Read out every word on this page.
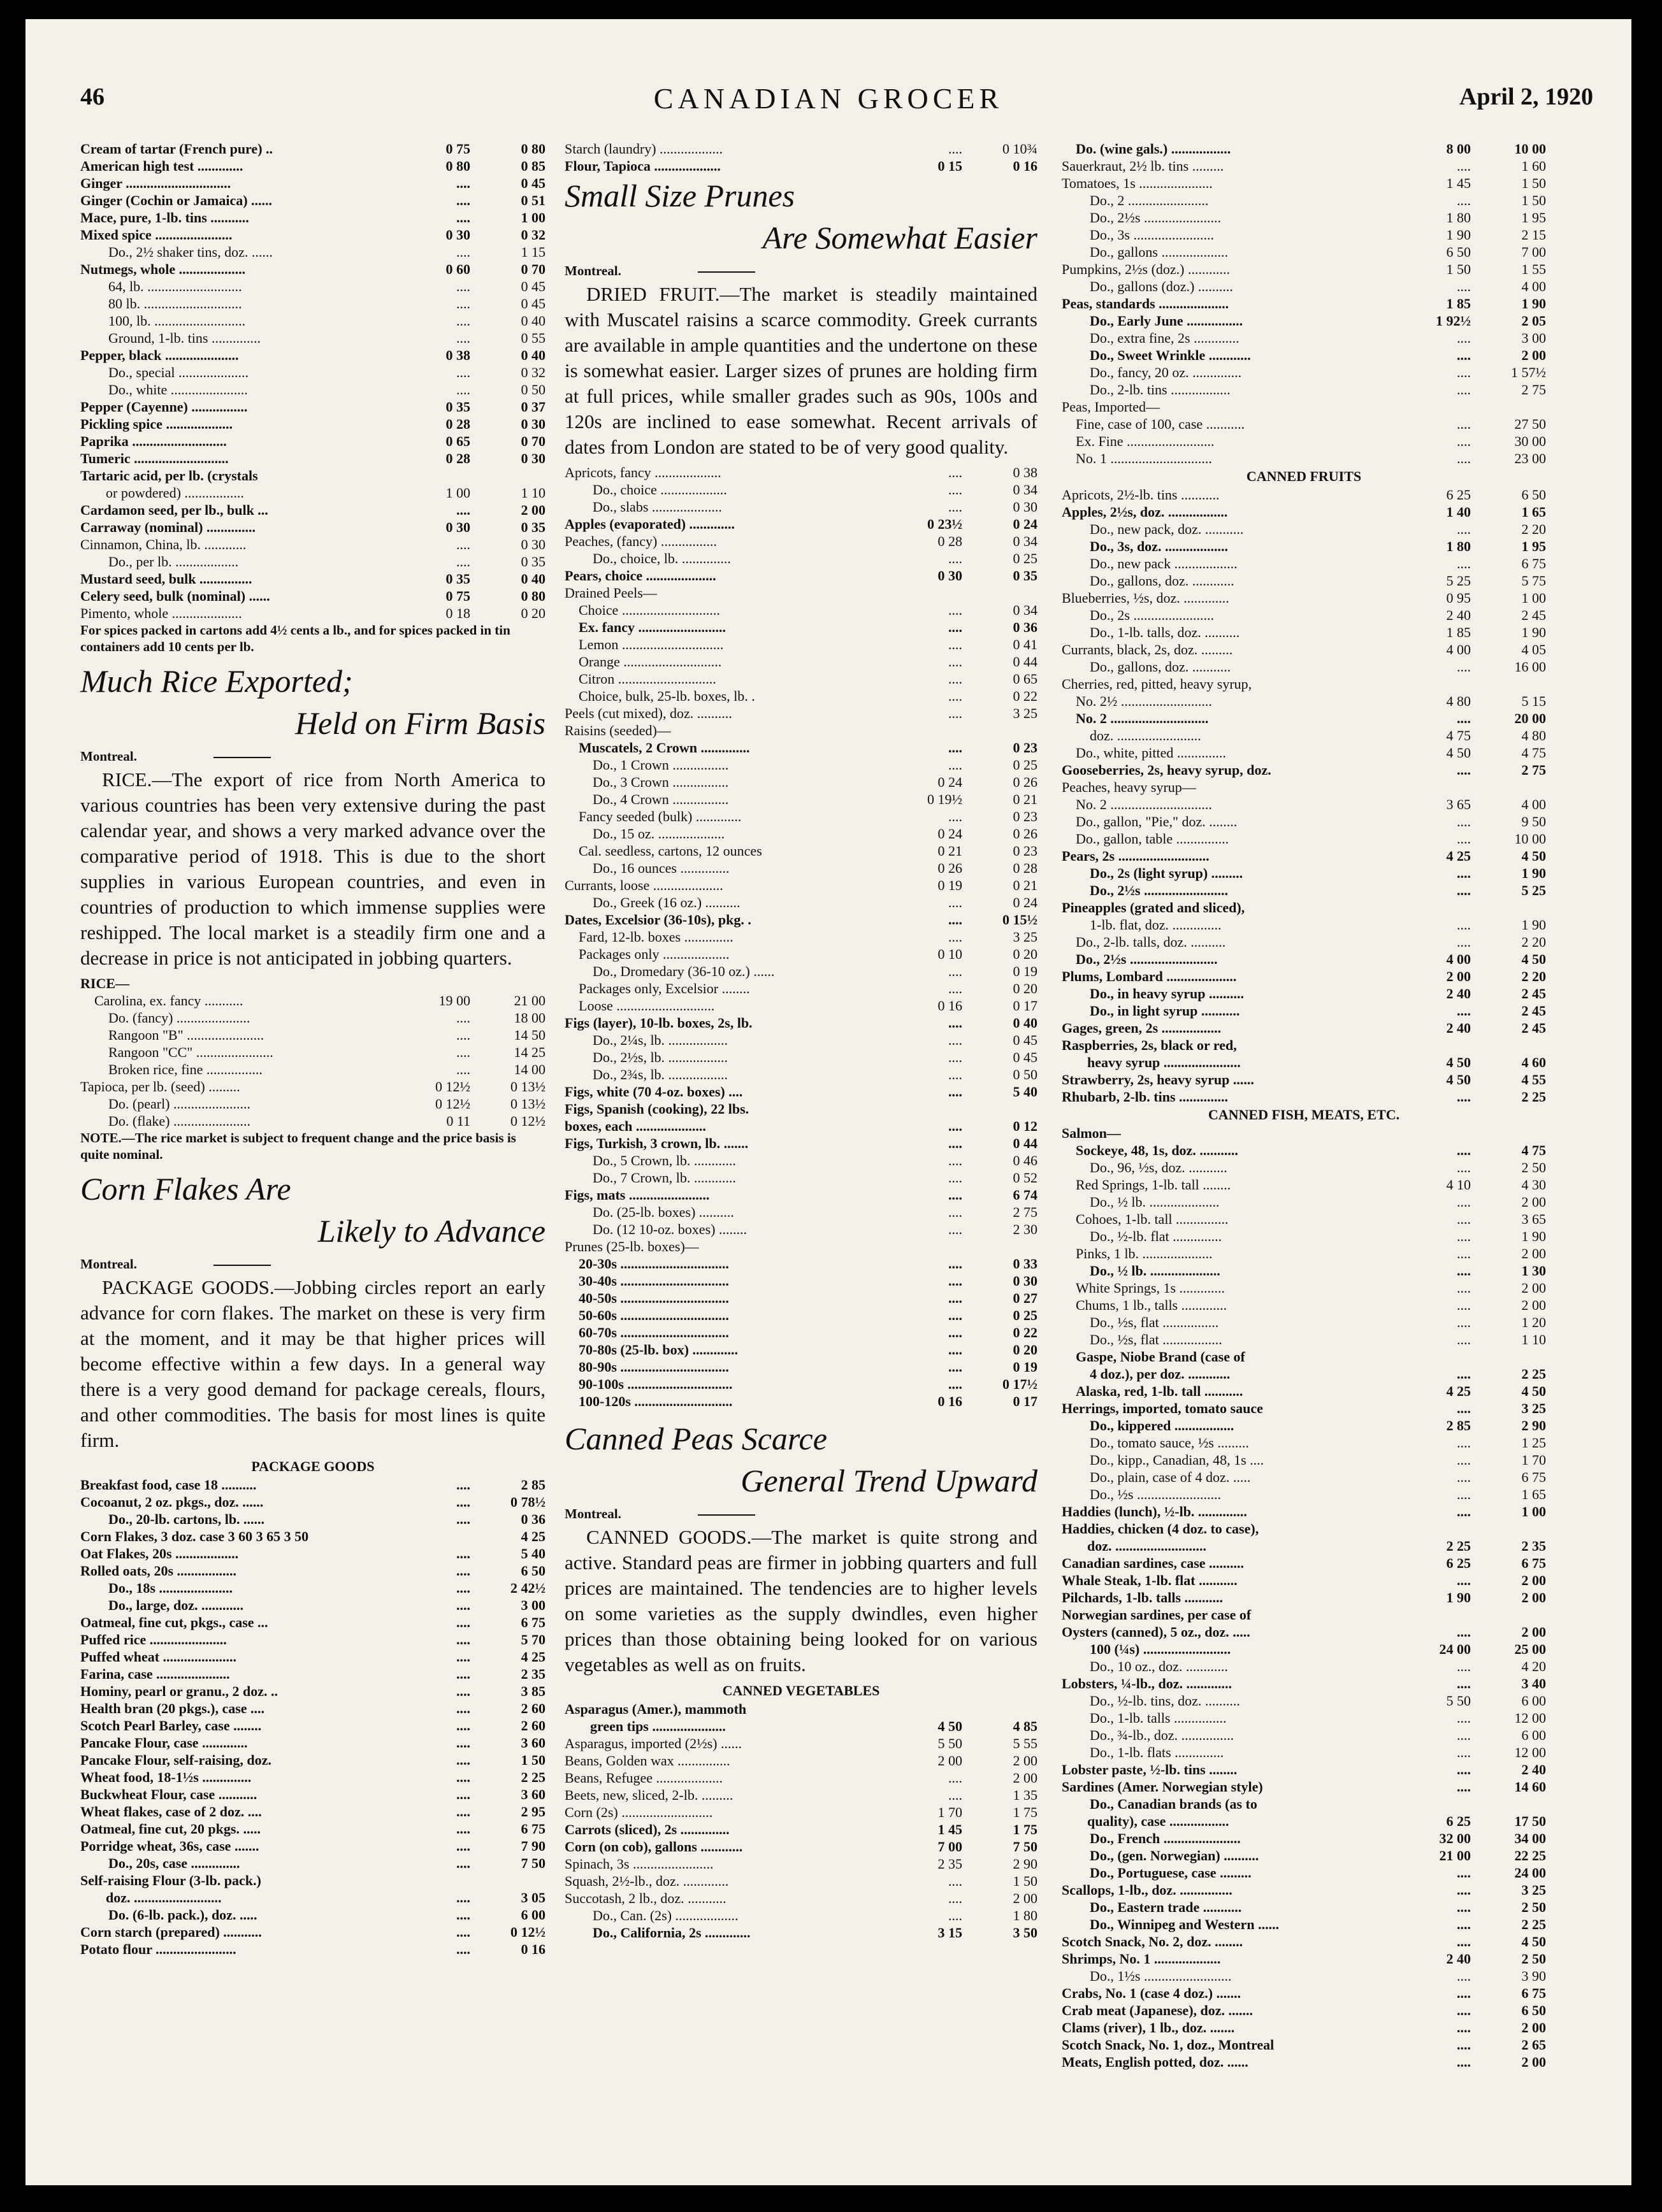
46	CANADIAN GROCER	April 2, 1920
Cream of tartar (French pure) ..	0 75	0 80
American high test .............	0 80	0 85
Ginger ..............................	....	0 45
Ginger (Cochin or Jamaica) ......	....	0 51
Mace, pure, 1-lb. tins ...........	....	1 00
Mixed spice ......................	0 30	0 32
Do., 2½ shaker tins, doz. ......	....	1 15
Nutmegs, whole ...................	0 60	0 70
64, lb. ...........................	....	0 45
80 lb. ............................	....	0 45
100, lb. ..........................	....	0 40
Ground, 1-lb. tins ..............	....	0 55
Pepper, black .....................	0 38	0 40
Do., special ....................	....	0 32
Do., white ......................	....	0 50
Pepper (Cayenne) ................	0 35	0 37
Pickling spice ...................	0 28	0 30
Paprika ...........................	0 65	0 70
Tumeric ...........................	0 28	0 30
Tartaric acid, per lb. (crystals
or powdered) .................	1 00	1 10
Cardamon seed, per lb., bulk ...	....	2 00
Carraway (nominal) ..............	0 30	0 35
Cinnamon, China, lb. ............	....	0 30
Do., per lb. ..................	....	0 35
Mustard seed, bulk ...............	0 35	0 40
Celery seed, bulk (nominal) ......	0 75	0 80
Pimento, whole ....................	0 18	0 20
For spices packed in cartons add 4½ cents a lb., and for spices packed in tin containers add 10 cents per lb.
Much Rice Exported;
Held on Firm Basis
Montreal.
RICE.—The export of rice from North America to various countries has been very extensive during the past calendar year, and shows a very marked advance over the comparative period of 1918. This is due to the short supplies in various European countries, and even in countries of production to which immense supplies were reshipped. The local market is a steadily firm one and a decrease in price is not anticipated in jobbing quarters.
RICE—
Carolina, ex. fancy ...........	19 00	21 00
Do. (fancy) .....................	....	18 00
Rangoon "B" ......................	....	14 50
Rangoon "CC" ......................	....	14 25
Broken rice, fine ................	....	14 00
Tapioca, per lb. (seed) .........	0 12½	0 13½
Do. (pearl) ......................	0 12½	0 13½
Do. (flake) ......................	0 11	0 12½
NOTE.—The rice market is subject to frequent change and the price basis is quite nominal.
Corn Flakes Are
Likely to Advance
Montreal.
PACKAGE GOODS.—Jobbing circles report an early advance for corn flakes. The market on these is very firm at the moment, and it may be that higher prices will become effective within a few days. In a general way there is a very good demand for package cereals, flours, and other commodities. The basis for most lines is quite firm.
PACKAGE GOODS
Breakfast food, case 18 ..........	....	2 85
Cocoanut, 2 oz. pkgs., doz. ......	....	0 78½
Do., 20-lb. cartons, lb. ......	....	0 36
Corn Flakes, 3 doz. case 3 60 3 65 3 50	4 25
Oat Flakes, 20s ..................	....	5 40
Rolled oats, 20s .................	....	6 50
Do., 18s .....................	....	2 42½
Do., large, doz. ............	....	3 00
Oatmeal, fine cut, pkgs., case ...	....	6 75
Puffed rice ......................	....	5 70
Puffed wheat .....................	....	4 25
Farina, case .....................	....	2 35
Hominy, pearl or granu., 2 doz. ..	....	3 85
Health bran (20 pkgs.), case ....	....	2 60
Scotch Pearl Barley, case ........	....	2 60
Pancake Flour, case .............	....	3 60
Pancake Flour, self-raising, doz.	....	1 50
Wheat food, 18-1½s ..............	....	2 25
Buckwheat Flour, case ...........	....	3 60
Wheat flakes, case of 2 doz. ....	....	2 95
Oatmeal, fine cut, 20 pkgs. .....	....	6 75
Porridge wheat, 36s, case .......	....	7 90
Do., 20s, case ..............	....	7 50
Self-raising Flour (3-lb. pack.)
doz. .........................	....	3 05
Do. (6-lb. pack.), doz. .....	....	6 00
Corn starch (prepared) ...........	....	0 12½
Potato flour .......................	....	0 16
Starch (laundry) ..................	....	0 10¾
Flour, Tapioca ...................	0 15	0 16
Small Size Prunes
Are Somewhat Easier
Montreal.
DRIED FRUIT.—The market is steadily maintained with Muscatel raisins a scarce commodity. Greek currants are available in ample quantities and the undertone on these is somewhat easier. Larger sizes of prunes are holding firm at full prices, while smaller grades such as 90s, 100s and 120s are inclined to ease somewhat. Recent arrivals of dates from London are stated to be of very good quality.
Apricots, fancy ...................	....	0 38
Do., choice ...................	....	0 34
Do., slabs ....................	....	0 30
Apples (evaporated) .............	0 23½	0 24
Peaches, (fancy) ................	0 28	0 34
Do., choice, lb. ..............	....	0 25
Pears, choice ....................	0 30	0 35
Drained Peels—
Choice ............................	....	0 34
Ex. fancy .........................	....	0 36
Lemon .............................	....	0 41
Orange ............................	....	0 44
Citron ............................	....	0 65
Choice, bulk, 25-lb. boxes, lb. .	....	0 22
Peels (cut mixed), doz. ..........	....	3 25
Raisins (seeded)—
Muscatels, 2 Crown ..............	....	0 23
Do., 1 Crown ................	....	0 25
Do., 3 Crown ................	0 24	0 26
Do., 4 Crown ................	0 19½	0 21
Fancy seeded (bulk) .............	....	0 23
Do., 15 oz. ...................	0 24	0 26
Cal. seedless, cartons, 12 ounces	0 21	0 23
Do., 16 ounces ..............	0 26	0 28
Currants, loose ....................	0 19	0 21
Do., Greek (16 oz.) ..........	....	0 24
Dates, Excelsior (36-10s), pkg. .	....	0 15½
Fard, 12-lb. boxes ..............	....	3 25
Packages only ...................	0 10	0 20
Do., Dromedary (36-10 oz.) ......	....	0 19
Packages only, Excelsior ........	....	0 20
Loose ............................	0 16	0 17
Figs (layer), 10-lb. boxes, 2s, lb.	....	0 40
Do., 2¼s, lb. .................	....	0 45
Do., 2½s, lb. .................	....	0 45
Do., 2¾s, lb. .................	....	0 50
Figs, white (70 4-oz. boxes) ....	....	5 40
Figs, Spanish (cooking), 22 lbs.
boxes, each ....................	....	0 12
Figs, Turkish, 3 crown, lb. .......	....	0 44
Do., 5 Crown, lb. ............	....	0 46
Do., 7 Crown, lb. ............	....	0 52
Figs, mats .......................	....	6 74
Do. (25-lb. boxes) ..........	....	2 75
Do. (12 10-oz. boxes) ........	....	2 30
Prunes (25-lb. boxes)—
20-30s ...............................	....	0 33
30-40s ...............................	....	0 30
40-50s ...............................	....	0 27
50-60s ...............................	....	0 25
60-70s ...............................	....	0 22
70-80s (25-lb. box) .............	....	0 20
80-90s ...............................	....	0 19
90-100s ..............................	....	0 17½
100-120s ............................	0 16	0 17
Canned Peas Scarce
General Trend Upward
Montreal.
CANNED GOODS.—The market is quite strong and active. Standard peas are firmer in jobbing quarters and full prices are maintained. The tendencies are to higher levels on some varieties as the supply dwindles, even higher prices than those obtaining being looked for on various vegetables as well as on fruits.
CANNED VEGETABLES
Asparagus (Amer.), mammoth
green tips .....................	4 50	4 85
Asparagus, imported (2½s) ......	5 50	5 55
Beans, Golden wax ...............	2 00	2 00
Beans, Refugee ...................	....	2 00
Beets, new, sliced, 2-lb. .........	....	1 35
Corn (2s) ..........................	1 70	1 75
Carrots (sliced), 2s ..............	1 45	1 75
Corn (on cob), gallons ............	7 00	7 50
Spinach, 3s .......................	2 35	2 90
Squash, 2½-lb., doz. .............	....	1 50
Succotash, 2 lb., doz. ...........	....	2 00
Do., Can. (2s) ..................	....	1 80
Do., California, 2s .............	3 15	3 50
Do. (wine gals.) .................	8 00	10 00
Sauerkraut, 2½ lb. tins .........	....	1 60
Tomatoes, 1s .....................	1 45	1 50
Do., 2 .......................	....	1 50
Do., 2½s ......................	1 80	1 95
Do., 3s .......................	1 90	2 15
Do., gallons ...................	6 50	7 00
Pumpkins, 2½s (doz.) ............	1 50	1 55
Do., gallons (doz.) ..........	....	4 00
Peas, standards ....................	1 85	1 90
Do., Early June ................	1 92½	2 05
Do., extra fine, 2s .............	....	3 00
Do., Sweet Wrinkle ............	....	2 00
Do., fancy, 20 oz. ..............	....	1 57½
Do., 2-lb. tins .................	....	2 75
Peas, Imported—
Fine, case of 100, case ...........	....	27 50
Ex. Fine .........................	....	30 00
No. 1 .............................	....	23 00
CANNED FRUITS
Apricots, 2½-lb. tins ...........	6 25	6 50
Apples, 2½s, doz. .................	1 40	1 65
Do., new pack, doz. ...........	....	2 20
Do., 3s, doz. ..................	1 80	1 95
Do., new pack ..................	....	6 75
Do., gallons, doz. ............	5 25	5 75
Blueberries, ½s, doz. .............	0 95	1 00
Do., 2s .......................	2 40	2 45
Do., 1-lb. talls, doz. ..........	1 85	1 90
Currants, black, 2s, doz. .........	4 00	4 05
Do., gallons, doz. ...........	....	16 00
Cherries, red, pitted, heavy syrup,
No. 2½ ..........................	4 80	5 15
No. 2 ............................	....	20 00
doz. ........................	4 75	4 80
Do., white, pitted ..............	4 50	4 75
Gooseberries, 2s, heavy syrup, doz.	....	2 75
Peaches, heavy syrup—
No. 2 .............................	3 65	4 00
Do., gallon, "Pie," doz. ........	....	9 50
Do., gallon, table ...............	....	10 00
Pears, 2s ..........................	4 25	4 50
Do., 2s (light syrup) .........	....	1 90
Do., 2½s ........................	....	5 25
Pineapples (grated and sliced),
1-lb. flat, doz. ..............	....	1 90
Do., 2-lb. talls, doz. ..........	....	2 20
Do., 2½s .........................	4 00	4 50
Plums, Lombard ....................	2 00	2 20
Do., in heavy syrup ..........	2 40	2 45
Do., in light syrup ...........	....	2 45
Gages, green, 2s .................	2 40	2 45
Raspberries, 2s, black or red,
heavy syrup ......................	4 50	4 60
Strawberry, 2s, heavy syrup ......	4 50	4 55
Rhubarb, 2-lb. tins ..............	....	2 25
CANNED FISH, MEATS, ETC.
Salmon—
Sockeye, 48, 1s, doz. ...........	....	4 75
Do., 96, ½s, doz. ...........	....	2 50
Red Springs, 1-lb. tall ........	4 10	4 30
Do., ½ lb. ....................	....	2 00
Cohoes, 1-lb. tall ...............	....	3 65
Do., ½-lb. flat ..............	....	1 90
Pinks, 1 lb. ....................	....	2 00
Do., ½ lb. ....................	....	1 30
White Springs, 1s .............	....	2 00
Chums, 1 lb., talls .............	....	2 00
Do., ½s, flat ................	....	1 20
Do., ½s, flat .................	....	1 10
Gaspe, Niobe Brand (case of
4 doz.), per doz. ............	....	2 25
Alaska, red, 1-lb. tall ...........	4 25	4 50
Herrings, imported, tomato sauce	....	3 25
Do., kippered .................	2 85	2 90
Do., tomato sauce, ½s .........	....	1 25
Do., kipp., Canadian, 48, 1s ....	....	1 70
Do., plain, case of 4 doz. .....	....	6 75
Do., ½s ........................	....	1 65
Haddies (lunch), ½-lb. ..............	....	1 00
Haddies, chicken (4 doz. to case),
doz. ..........................	2 25	2 35
Canadian sardines, case ..........	6 25	6 75
Whale Steak, 1-lb. flat ...........	....	2 00
Pilchards, 1-lb. talls ...........	1 90	2 00
Norwegian sardines, per case of
Oysters (canned), 5 oz., doz. .....	....	2 00
100 (¼s) .........................	24 00	25 00
Do., 10 oz., doz. ............	....	4 20
Lobsters, ¼-lb., doz. .............	....	3 40
Do., ½-lb. tins, doz. ..........	5 50	6 00
Do., 1-lb. talls ...............	....	12 00
Do., ¾-lb., doz. ...............	....	6 00
Do., 1-lb. flats ..............	....	12 00
Lobster paste, ½-lb. tins ........	....	2 40
Sardines (Amer. Norwegian style)	....	14 60
Do., Canadian brands (as to
quality), case .................	6 25	17 50
Do., French ......................	32 00	34 00
Do., (gen. Norwegian) ..........	21 00	22 25
Do., Portuguese, case .........	....	24 00
Scallops, 1-lb., doz. ...............	....	3 25
Do., Eastern trade ...........	....	2 50
Do., Winnipeg and Western ......	....	2 25
Scotch Snack, No. 2, doz. ........	....	4 50
Shrimps, No. 1 ...................	2 40	2 50
Do., 1½s .........................	....	3 90
Crabs, No. 1 (case 4 doz.) .......	....	6 75
Crab meat (Japanese), doz. .......	....	6 50
Clams (river), 1 lb., doz. .......	....	2 00
Scotch Snack, No. 1, doz., Montreal	....	2 65
Meats, English potted, doz. ......	....	2 00
